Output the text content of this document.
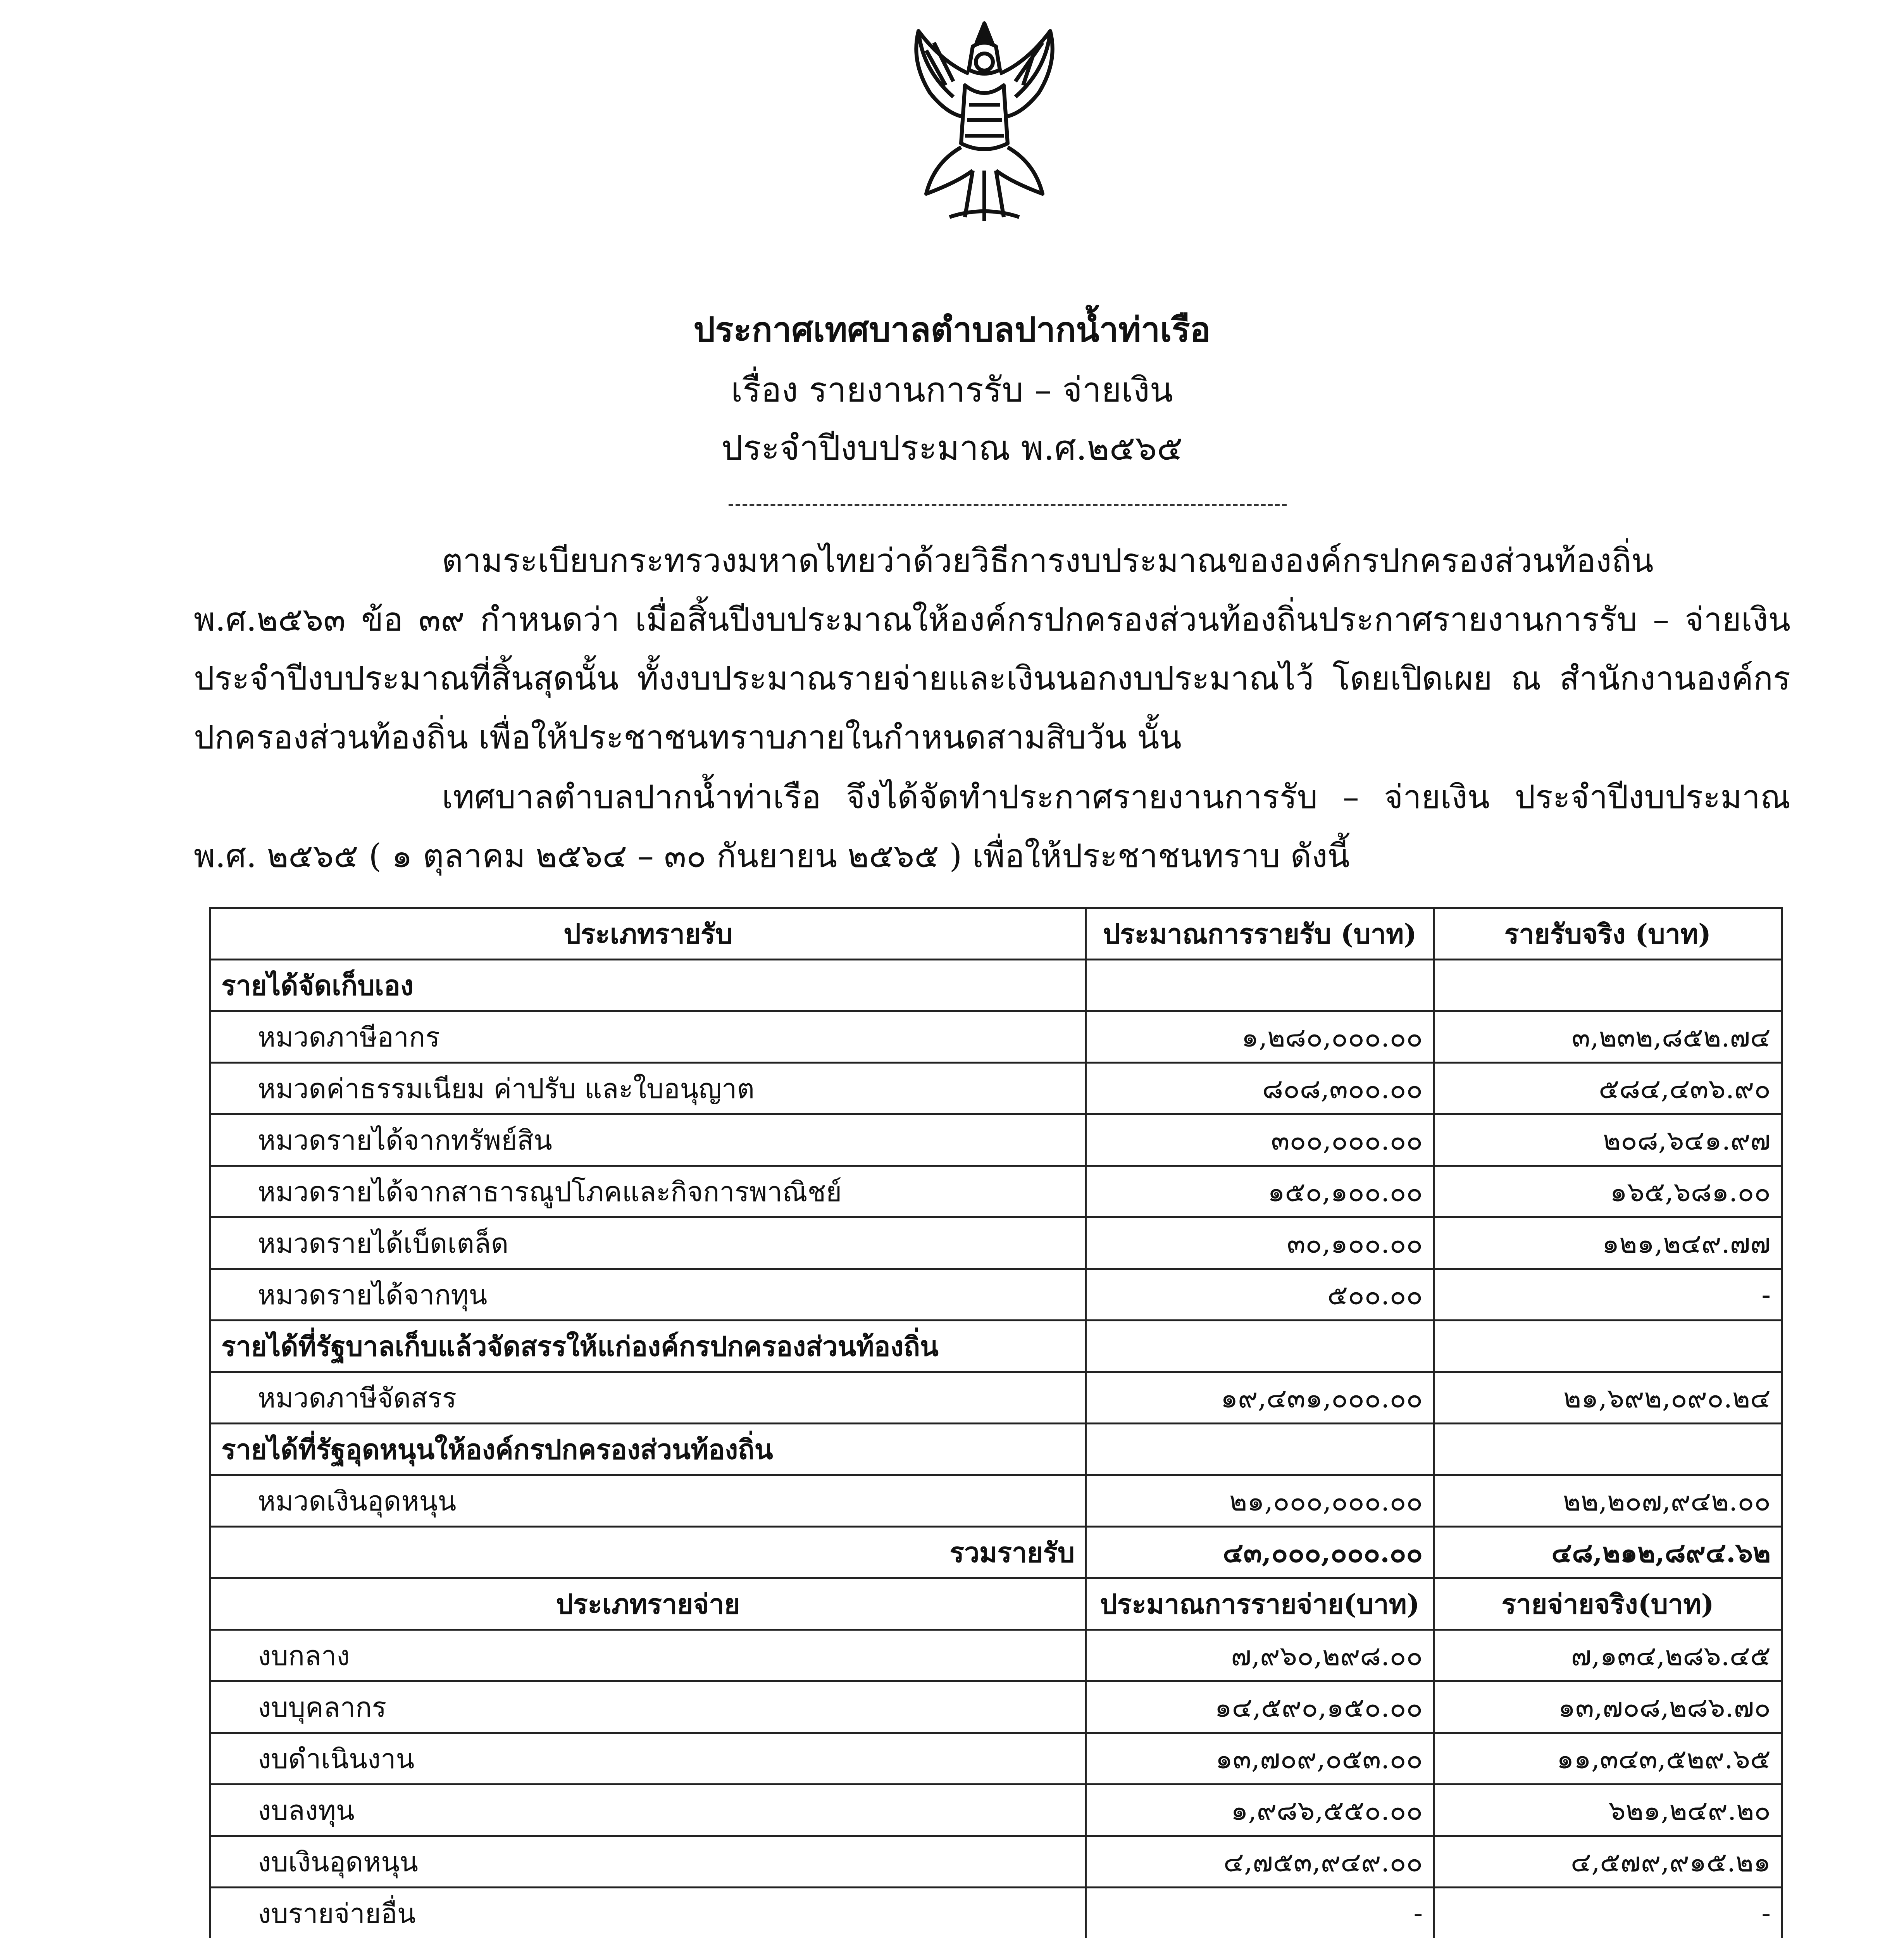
ประกาศเทศบาลตำบลปากน้ำท่าเรือ
เรื่อง รายงานการรับ – จ่ายเงิน
ประจำปีงบประมาณ พ.ศ.๒๕๖๕
ตามระเบียบกระทรวงมหาดไทยว่าด้วยวิธีการงบประมาณขององค์กรปกครองส่วนท้องถิ่น พ.ศ.๒๕๖๓ ข้อ ๓๙ กำหนดว่า เมื่อสิ้นปีงบประมาณให้องค์กรปกครองส่วนท้องถิ่นประกาศรายงานการรับ – จ่ายเงิน ประจำปีงบประมาณที่สิ้นสุดนั้น ทั้งงบประมาณรายจ่ายและเงินนอกงบประมาณไว้ โดยเปิดเผย ณ สำนักงานองค์กรปกครองส่วนท้องถิ่น เพื่อให้ประชาชนทราบภายในกำหนดสามสิบวัน นั้น
เทศบาลตำบลปากน้ำท่าเรือ จึงได้จัดทำประกาศรายงานการรับ – จ่ายเงิน ประจำปีงบประมาณ พ.ศ. ๒๕๖๕ ( ๑ ตุลาคม ๒๕๖๔ – ๓๐ กันยายน ๒๕๖๕ ) เพื่อให้ประชาชนทราบ ดังนี้
ประเภทรายรับ	ประมาณการรายรับ (บาท)	รายรับจริง (บาท)
รายได้จัดเก็บเอง		
หมวดภาษีอากร	๑,๒๘๐,๐๐๐.๐๐	๓,๒๓๒,๘๕๒.๗๔
หมวดค่าธรรมเนียม ค่าปรับ และใบอนุญาต	๘๐๘,๓๐๐.๐๐	๕๘๔,๔๓๖.๙๐
หมวดรายได้จากทรัพย์สิน	๓๐๐,๐๐๐.๐๐	๒๐๘,๖๔๑.๙๗
หมวดรายได้จากสาธารณูปโภคและกิจการพาณิชย์	๑๕๐,๑๐๐.๐๐	๑๖๕,๖๘๑.๐๐
หมวดรายได้เบ็ดเตล็ด	๓๐,๑๐๐.๐๐	๑๒๑,๒๔๙.๗๗
หมวดรายได้จากทุน	๕๐๐.๐๐	-
รายได้ที่รัฐบาลเก็บแล้วจัดสรรให้แก่องค์กรปกครองส่วนท้องถิ่น		
หมวดภาษีจัดสรร	๑๙,๔๓๑,๐๐๐.๐๐	๒๑,๖๙๒,๐๙๐.๒๔
รายได้ที่รัฐอุดหนุนให้องค์กรปกครองส่วนท้องถิ่น		
หมวดเงินอุดหนุน	๒๑,๐๐๐,๐๐๐.๐๐	๒๒,๒๐๗,๙๔๒.๐๐
รวมรายรับ	๔๓,๐๐๐,๐๐๐.๐๐	๔๘,๒๑๒,๘๙๔.๖๒
ประเภทรายจ่าย	ประมาณการรายจ่าย(บาท)	รายจ่ายจริง(บาท)
งบกลาง	๗,๙๖๐,๒๙๘.๐๐	๗,๑๓๔,๒๘๖.๔๕
งบบุคลากร	๑๔,๕๙๐,๑๕๐.๐๐	๑๓,๗๐๘,๒๘๖.๗๐
งบดำเนินงาน	๑๓,๗๐๙,๐๕๓.๐๐	๑๑,๓๔๓,๕๒๙.๖๕
งบลงทุน	๑,๙๘๖,๕๕๐.๐๐	๖๒๑,๒๔๙.๒๐
งบเงินอุดหนุน	๔,๗๕๓,๙๔๙.๐๐	๔,๕๗๙,๙๑๕.๒๑
งบรายจ่ายอื่น	-	-
